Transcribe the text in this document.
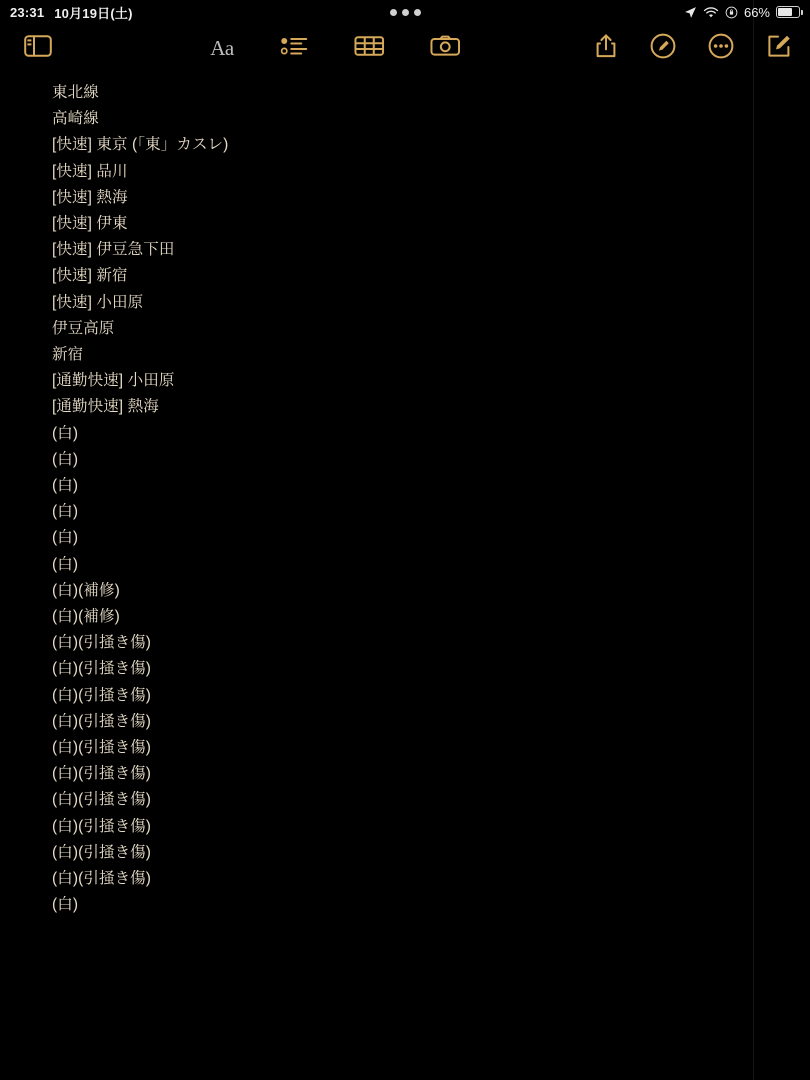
23:31 10月19日(土)	66%
Aa
東北線
高崎線
[快速] 東京 (「東」カスレ)
[快速] 品川
[快速] 熱海
[快速] 伊東
[快速] 伊豆急下田
[快速] 新宿
[快速] 小田原
伊豆高原
新宿
[通勤快速] 小田原
[通勤快速] 熱海
(白)
(白)
(白)
(白)
(白)
(白)
(白)(補修)
(白)(補修)
(白)(引掻き傷)
(白)(引掻き傷)
(白)(引掻き傷)
(白)(引掻き傷)
(白)(引掻き傷)
(白)(引掻き傷)
(白)(引掻き傷)
(白)(引掻き傷)
(白)(引掻き傷)
(白)(引掻き傷)
(白)
